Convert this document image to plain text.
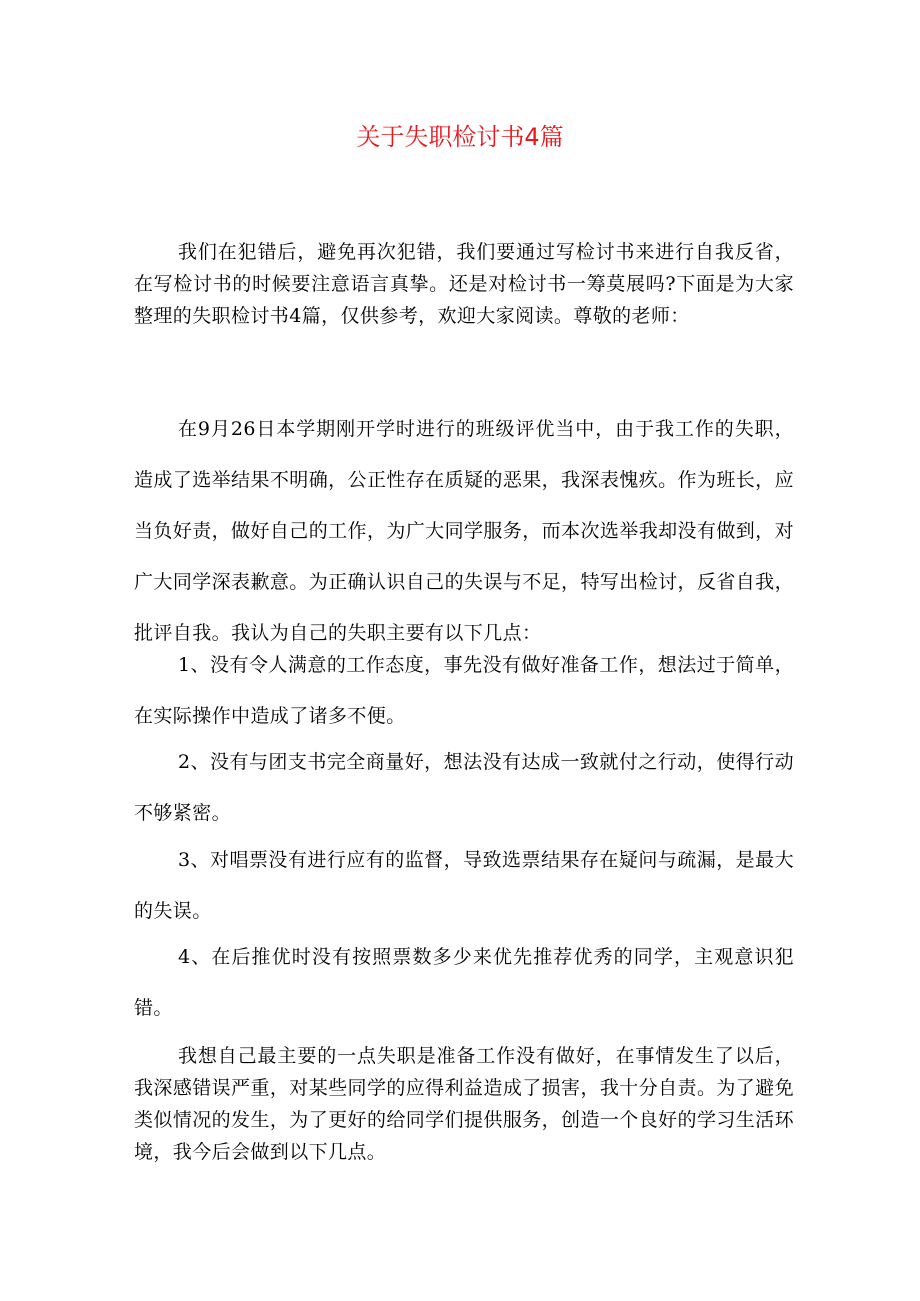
关于失职检讨书4篇

我们在犯错后，避免再次犯错，我们要通过写检讨书来进行自我反省，在写检讨书的时候要注意语言真挚。还是对检讨书一筹莫展吗?下面是为大家整理的失职检讨书4篇，仅供参考，欢迎大家阅读。尊敬的老师：

在9月26日本学期刚开学时进行的班级评优当中，由于我工作的失职，造成了选举结果不明确，公正性存在质疑的恶果，我深表愧疚。作为班长，应当负好责，做好自己的工作，为广大同学服务，而本次选举我却没有做到，对广大同学深表歉意。为正确认识自己的失误与不足，特写出检讨，反省自我，批评自我。我认为自己的失职主要有以下几点：

1、没有令人满意的工作态度，事先没有做好准备工作，想法过于简单，在实际操作中造成了诸多不便。

2、没有与团支书完全商量好，想法没有达成一致就付之行动，使得行动不够紧密。

3、对唱票没有进行应有的监督，导致选票结果存在疑问与疏漏，是最大的失误。

4、在后推优时没有按照票数多少来优先推荐优秀的同学，主观意识犯错。

我想自己最主要的一点失职是准备工作没有做好，在事情发生了以后，我深感错误严重，对某些同学的应得利益造成了损害，我十分自责。为了避免类似情况的发生，为了更好的给同学们提供服务，创造一个良好的学习生活环境，我今后会做到以下几点。
